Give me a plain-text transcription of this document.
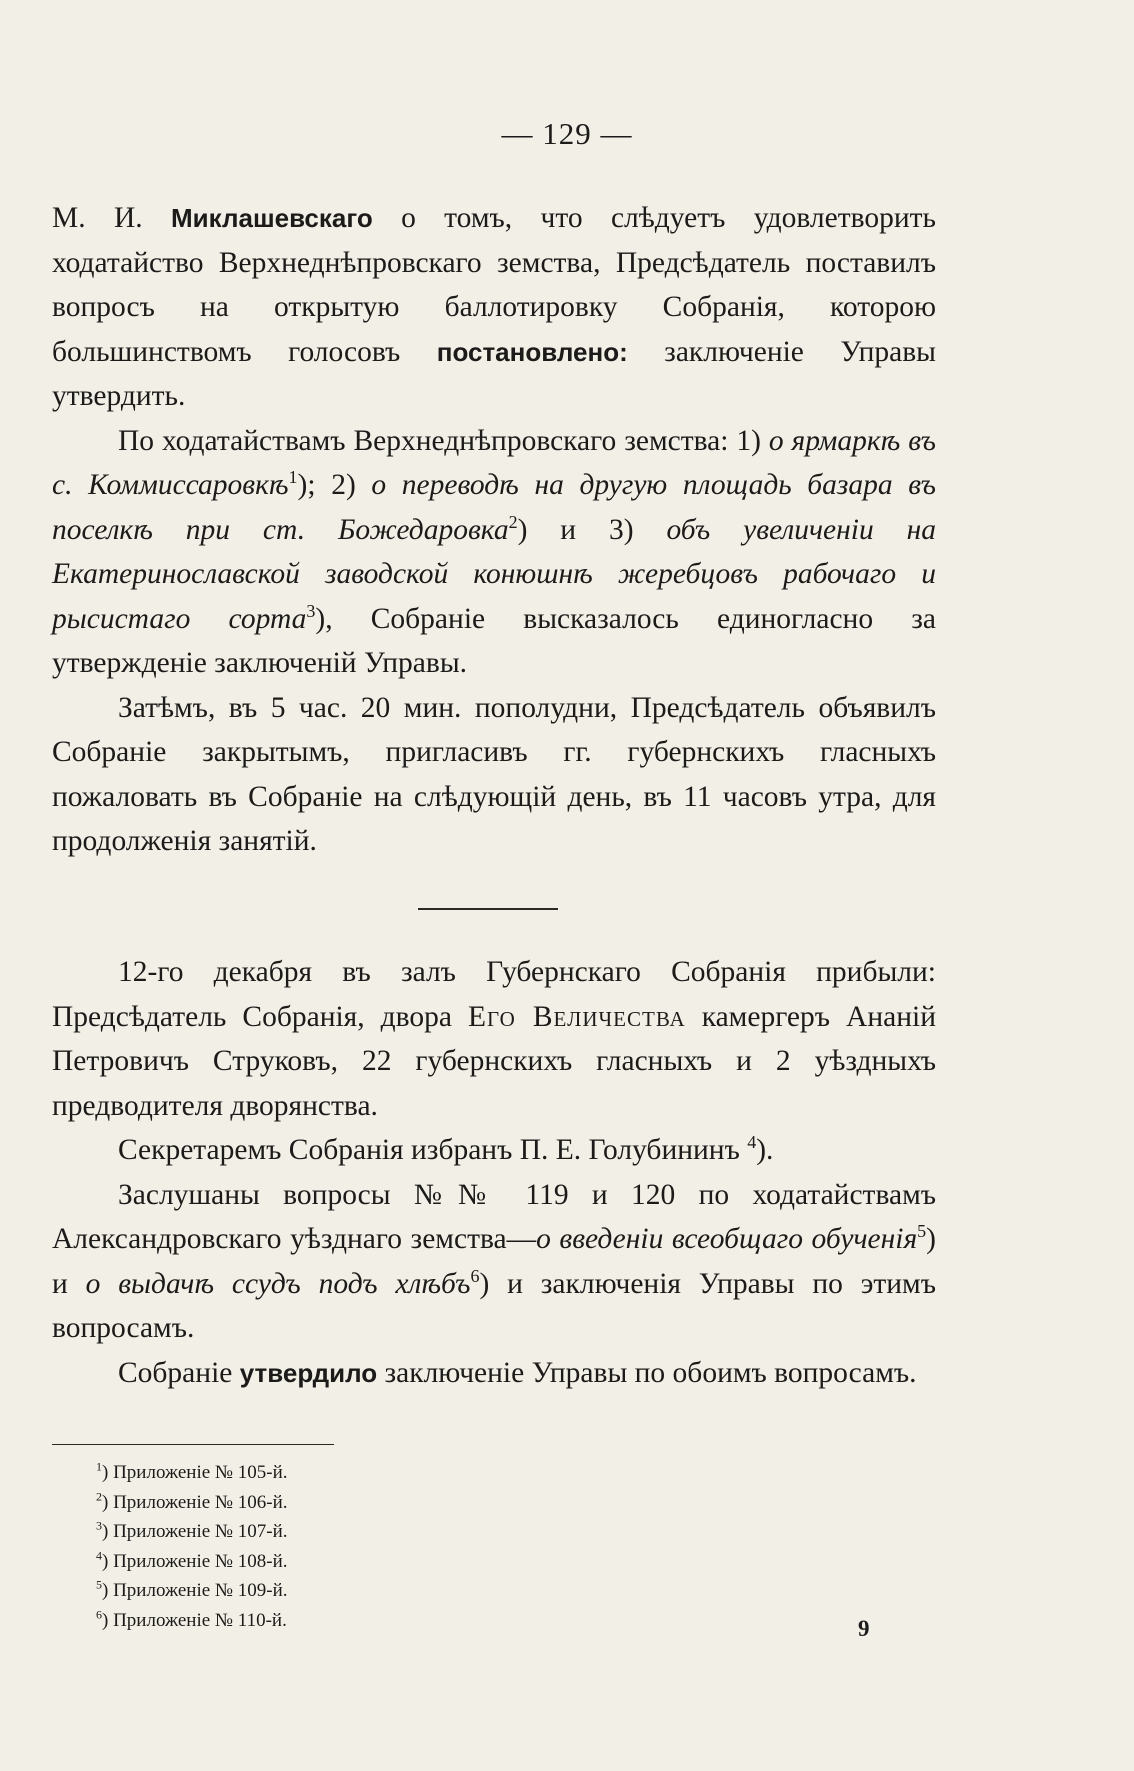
— 129 —

М. И. Миклашевскаго о томъ, что слѣдуетъ удовлетворить ходатайство Верхнеднѣпровскаго земства, Предсѣдатель поставилъ вопросъ на открытую баллотировку Собранія, которою большинствомъ голосовъ постановлено: заключеніе Управы утвердить.

По ходатайствамъ Верхнеднѣпровскаго земства: 1) о ярмаркѣ въ с. Коммиссаровкѣ$^1$); 2) о переводѣ на другую площадь базара въ поселкѣ при ст. Божедаровка$^2$) и 3) объ увеличеніи на Екатеринославской заводской конюшнѣ жеребцовъ рабочаго и рысистаго сорта$^3$), Собраніе высказалось единогласно за утвержденіе заключеній Управы.

Затѣмъ, въ 5 час. 20 мин. пополудни, Предсѣдатель объявилъ Собраніе закрытымъ, пригласивъ гг. губернскихъ гласныхъ пожаловать въ Собраніе на слѣдующій день, въ 11 часовъ утра, для продолженія занятій.

12-го декабря въ залъ Губернскаго Собранія прибыли: Предсѣдатель Собранія, двора Его Величества камергеръ Ананій Петровичъ Струковъ, 22 губернскихъ гласныхъ и 2 уѣздныхъ предводителя дворянства.

Секретаремъ Собранія избранъ П. Е. Голубининъ $^4$).

Заслушаны вопросы №№ 119 и 120 по ходатайствамъ Александровскаго уѣзднаго земства—о введеніи всеобщаго обученія$^5$) и о выдачѣ ссудъ подъ хлѣбъ$^6$) и заключенія Управы по этимъ вопросамъ.

Собраніе утвердило заключеніе Управы по обоимъ вопросамъ.

$^1$) Приложеніе № 105-й.
$^2$) Приложеніе № 106-й.
$^3$) Приложеніе № 107-й.
$^4$) Приложеніе № 108-й.
$^5$) Приложеніе № 109-й.
$^6$) Приложеніе № 110-й.	9
